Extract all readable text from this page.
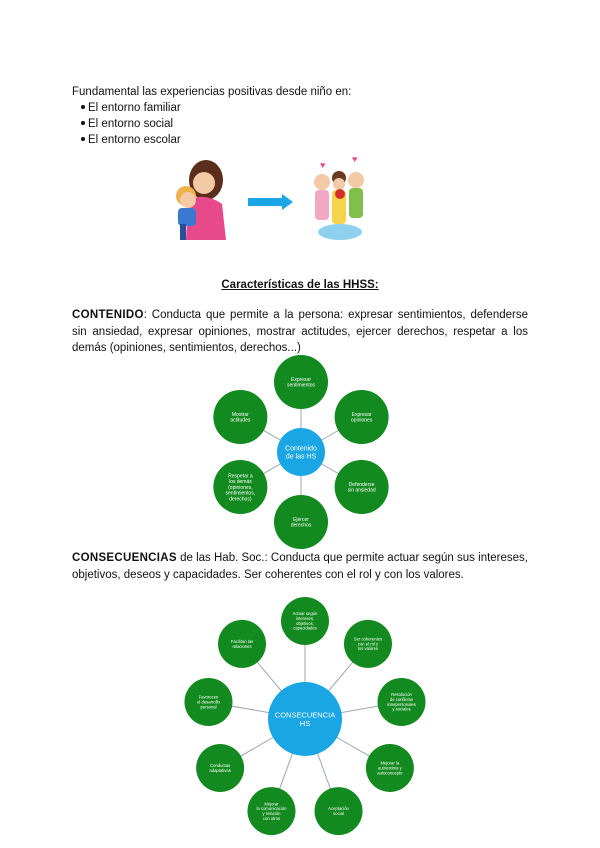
Fundamental las experiencias positivas desde niño en:
El entorno familiar
El entorno social
El entorno escolar
♥
♥
Características de las HHSS:
CONTENIDO: Conducta que permite a la persona: expresar sentimientos, defenderse sin ansiedad, expresar opiniones, mostrar actitudes, ejercer derechos, respetar a los demás (opiniones, sentimientos, derechos...)
CONSECUENCIAS de las Hab. Soc.: Conducta que permite actuar según sus intereses, objetivos, deseos y capacidades. Ser coherentes con el rol y con los valores.
Expresar sentimientos
Expresar opiniones
Defenderse sin ansiedad
Ejercer derechos
Respetar a los demás (opiniones, sentimientos, derechos)
Mostrar actitudes
Contenido de las HS
Actuar según intereses, objetivos, capacidades
Ser coherentes con el rol y los valores
Resolución de conflictos interpersonales y sociales
Mejorar la autoestima y autoconcepto
Aceptación social
Mejorar la comunicación y relación con otros
Conductas adaptativas
Favorecen el desarrollo personal
Facilitan las relaciones
CONSECUENCIA HS
